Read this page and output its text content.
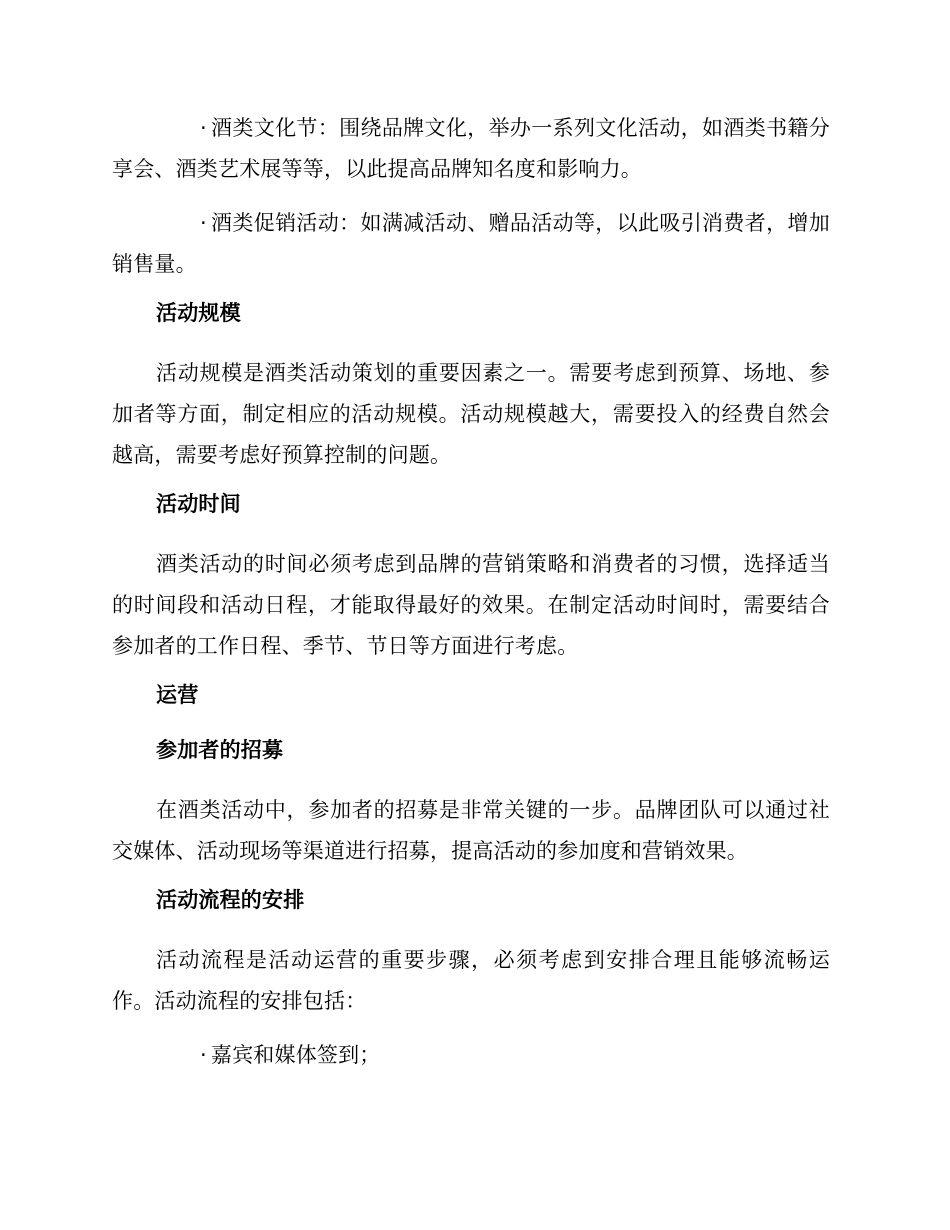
· 酒类文化节：围绕品牌文化，举办一系列文化活动，如酒类书籍分享会、酒类艺术展等等，以此提高品牌知名度和影响力。

· 酒类促销活动：如满减活动、赠品活动等，以此吸引消费者，增加销售量。

活动规模

活动规模是酒类活动策划的重要因素之一。需要考虑到预算、场地、参加者等方面，制定相应的活动规模。活动规模越大，需要投入的经费自然会越高，需要考虑好预算控制的问题。

活动时间

酒类活动的时间必须考虑到品牌的营销策略和消费者的习惯，选择适当的时间段和活动日程，才能取得最好的效果。在制定活动时间时，需要结合参加者的工作日程、季节、节日等方面进行考虑。

运营
参加者的招募

在酒类活动中，参加者的招募是非常关键的一步。品牌团队可以通过社交媒体、活动现场等渠道进行招募，提高活动的参加度和营销效果。

活动流程的安排

活动流程是活动运营的重要步骤，必须考虑到安排合理且能够流畅运作。活动流程的安排包括：

· 嘉宾和媒体签到；
